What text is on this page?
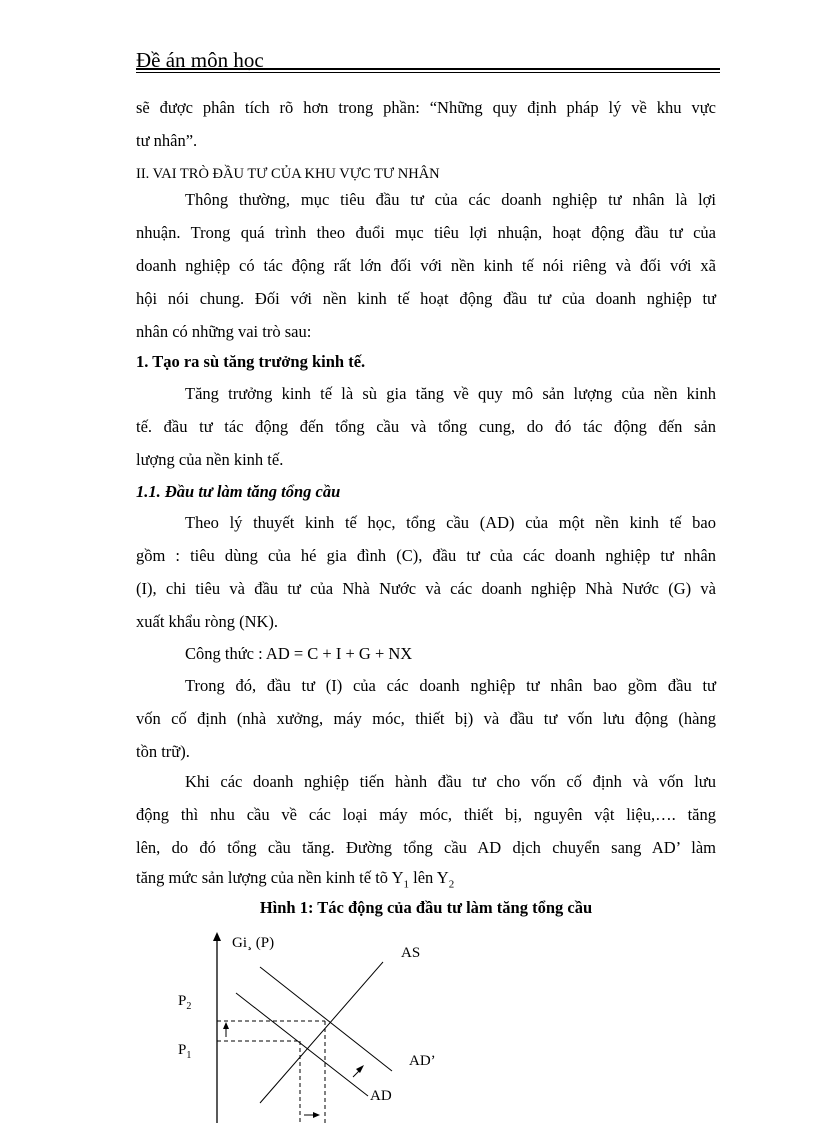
Đề án môn học
sẽ được phân tích rõ hơn trong phần: “Những quy định pháp lý về khu vực
tư nhân”.
II. VAI TRÒ ĐẦU TƯ CỦA KHU VỰC TƯ NHÂN
Thông thường, mục tiêu đầu tư của các doanh nghiệp tư nhân là lợi
nhuận. Trong quá trình theo đuổi mục tiêu lợi nhuận, hoạt động đầu tư của
doanh nghiệp có tác động rất lớn đối với nền kinh tế nói riêng và đối với xã
hội nói chung. Đối với nền kinh tế hoạt động đầu tư của doanh nghiệp tư
nhân có những vai trò sau:
1. Tạo ra sù tăng trưởng kinh tế.
Tăng trưởng kinh tế là sù gia tăng về quy mô sản lượng của nền kinh
tế. đầu tư tác động đến tổng cầu và tổng cung, do đó tác động đến sản
lượng của nền kinh tế.
1.1. Đầu tư làm tăng tổng cầu
Theo lý thuyết kinh tế học, tổng cầu (AD) của một nền kinh tế bao
gồm : tiêu dùng của hé gia đình (C), đầu tư của các doanh nghiệp tư nhân
(I), chi tiêu và đầu tư của Nhà Nước và các doanh nghiệp Nhà Nước (G) và
xuất khẩu ròng (NK).
Công thức : AD = C + I + G + NX
Trong đó, đầu tư (I) của các doanh nghiệp tư nhân bao gồm đầu tư
vốn cố định (nhà xưởng, máy móc, thiết bị) và đầu tư vốn lưu động (hàng
tồn trữ).
Khi các doanh nghiệp tiến hành đầu tư cho vốn cố định và vốn lưu
động thì nhu cầu về các loại máy móc, thiết bị, nguyên vật liệu,…. tăng
lên, do đó tổng cầu tăng. Đường tổng cầu AD dịch chuyển sang AD’ làm
tăng mức sản lượng của nền kinh tế tõ $Y_1$ lên $Y_2$
Hình 1: Tác động của đầu tư làm tăng tổng cầu
Gi¸ (P)
AS
AD’
AD
$P_2$
$P_1$
